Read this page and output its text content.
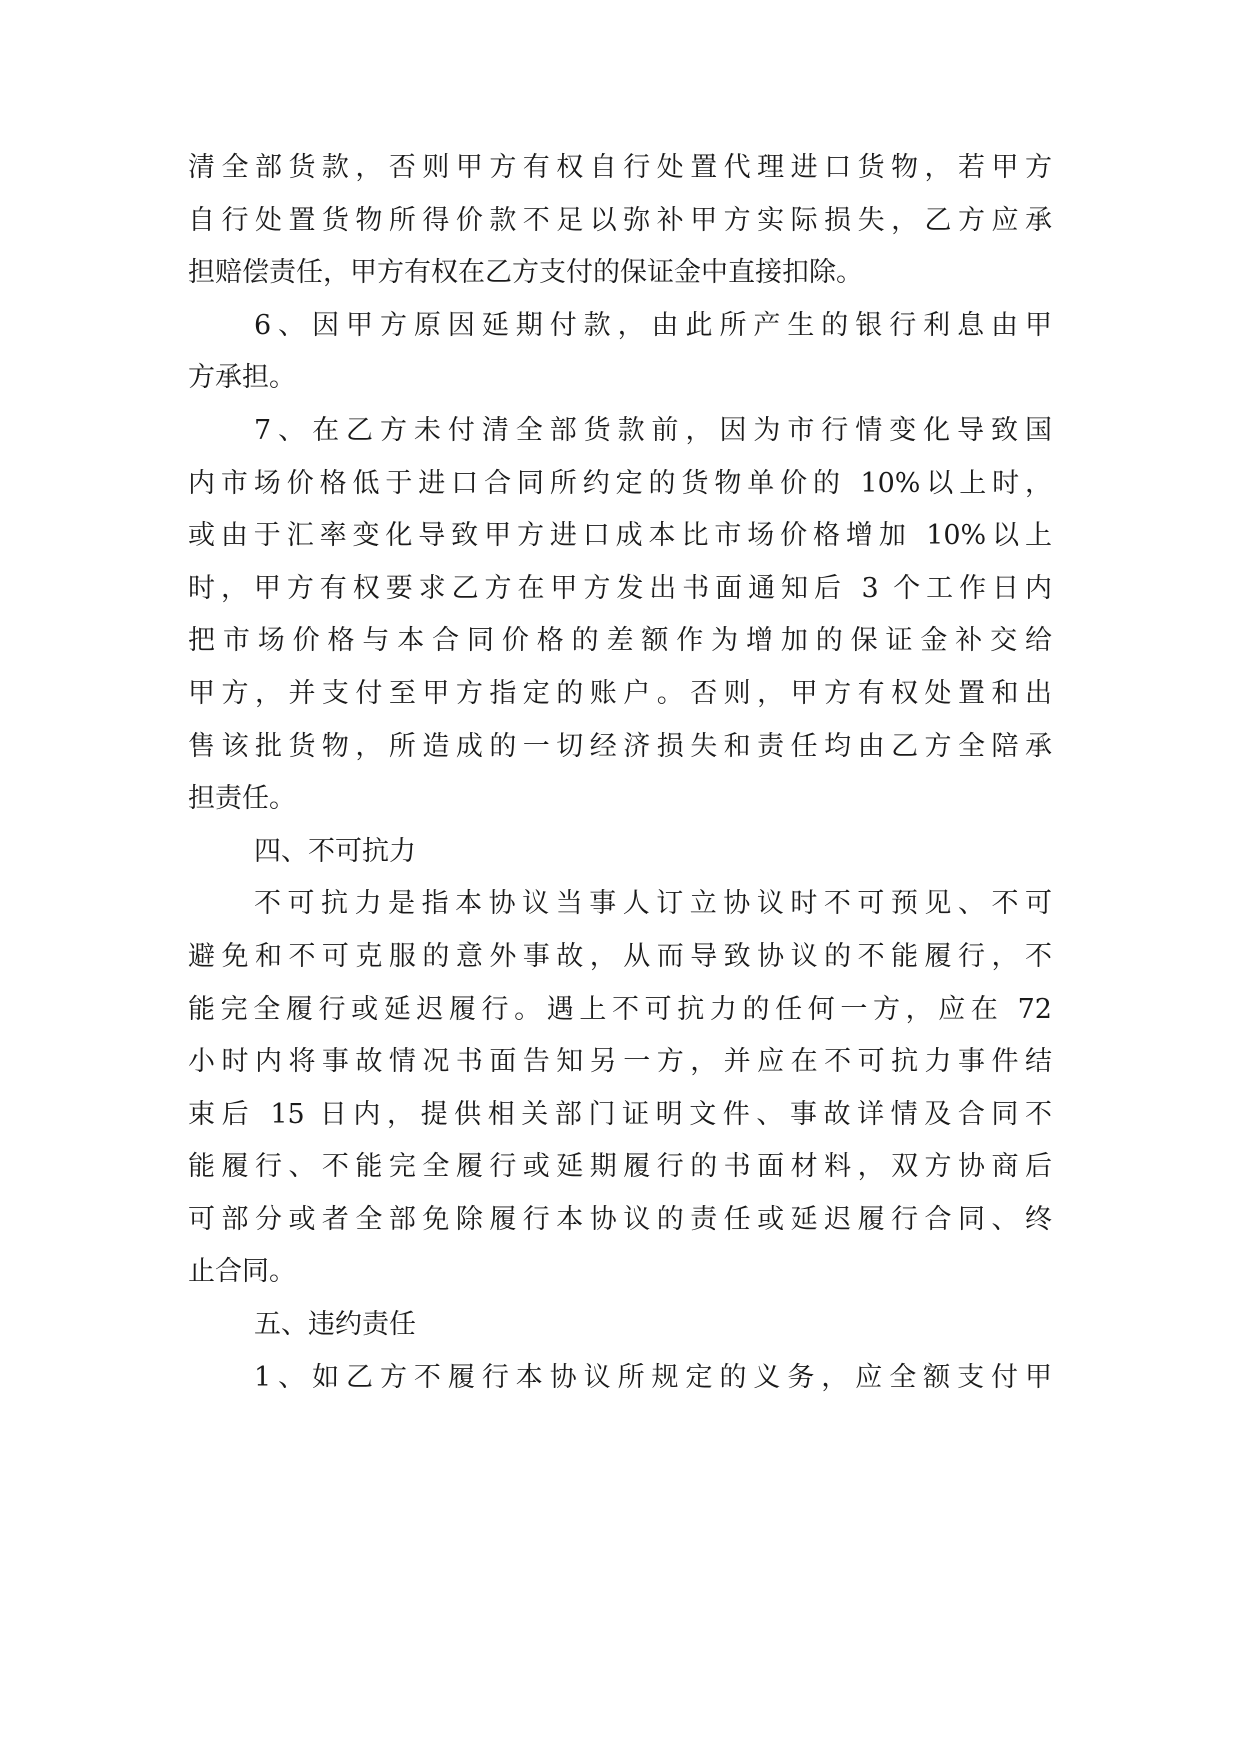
清全部货款，否则甲方有权自行处置代理进口货物，若甲方
自行处置货物所得价款不足以弥补甲方实际损失，乙方应承
担赔偿责任，甲方有权在乙方支付的保证金中直接扣除。
6、因甲方原因延期付款，由此所产生的银行利息由甲
方承担。
7、在乙方未付清全部货款前，因为市行情变化导致国
内市场价格低于进口合同所约定的货物单价的 10%以上时，
或由于汇率变化导致甲方进口成本比市场价格增加 10%以上
时，甲方有权要求乙方在甲方发出书面通知后 3 个工作日内
把市场价格与本合同价格的差额作为增加的保证金补交给
甲方，并支付至甲方指定的账户。否则，甲方有权处置和出
售该批货物，所造成的一切经济损失和责任均由乙方全陪承
担责任。
四、不可抗力
不可抗力是指本协议当事人订立协议时不可预见、不可
避免和不可克服的意外事故，从而导致协议的不能履行，不
能完全履行或延迟履行。遇上不可抗力的任何一方，应在 72
小时内将事故情况书面告知另一方，并应在不可抗力事件结
束后 15 日内，提供相关部门证明文件、事故详情及合同不
能履行、不能完全履行或延期履行的书面材料，双方协商后
可部分或者全部免除履行本协议的责任或延迟履行合同、终
止合同。
五、违约责任
1、如乙方不履行本协议所规定的义务，应全额支付甲
